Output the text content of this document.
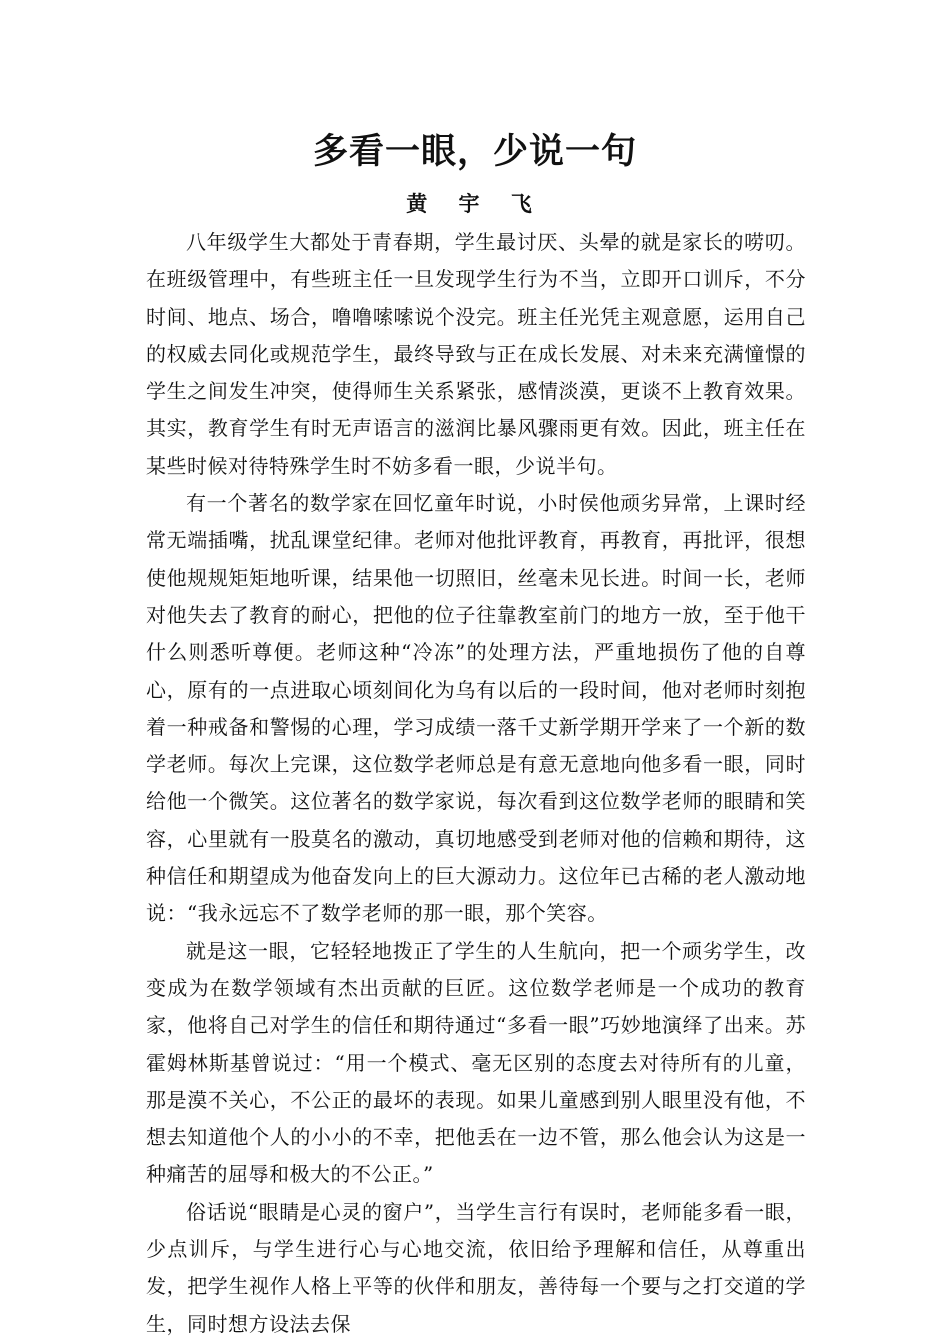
多看一眼，少说一句
黄 宇 飞

八年级学生大都处于青春期，学生最讨厌、头晕的就是家长的唠叨。在班级管理中，有些班主任一旦发现学生行为不当，立即开口训斥，不分时间、地点、场合，噜噜嗦嗦说个没完。班主任光凭主观意愿，运用自己的权威去同化或规范学生，最终导致与正在成长发展、对未来充满憧憬的学生之间发生冲突，使得师生关系紧张，感情淡漠，更谈不上教育效果。其实，教育学生有时无声语言的滋润比暴风骤雨更有效。因此，班主任在某些时候对待特殊学生时不妨多看一眼，少说半句。

有一个著名的数学家在回忆童年时说，小时侯他顽劣异常，上课时经常无端插嘴，扰乱课堂纪律。老师对他批评教育，再教育，再批评，很想使他规规矩矩地听课，结果他一切照旧，丝毫未见长进。时间一长，老师对他失去了教育的耐心，把他的位子往靠教室前门的地方一放，至于他干什么则悉听尊便。老师这种“冷冻”的处理方法，严重地损伤了他的自尊心，原有的一点进取心顷刻间化为乌有以后的一段时间，他对老师时刻抱着一种戒备和警惕的心理，学习成绩一落千丈新学期开学来了一个新的数学老师。每次上完课，这位数学老师总是有意无意地向他多看一眼，同时给他一个微笑。这位著名的数学家说，每次看到这位数学老师的眼睛和笑容，心里就有一股莫名的激动，真切地感受到老师对他的信赖和期待，这种信任和期望成为他奋发向上的巨大源动力。这位年已古稀的老人激动地说：“我永远忘不了数学老师的那一眼，那个笑容。

就是这一眼，它轻轻地拨正了学生的人生航向，把一个顽劣学生，改变成为在数学领域有杰出贡献的巨匠。这位数学老师是一个成功的教育家，他将自己对学生的信任和期待通过“多看一眼”巧妙地演绎了出来。苏霍姆林斯基曾说过：“用一个模式、毫无区别的态度去对待所有的儿童，那是漠不关心，不公正的最坏的表现。如果儿童感到别人眼里没有他，不想去知道他个人的小小的不幸，把他丢在一边不管，那么他会认为这是一种痛苦的屈辱和极大的不公正。”

俗话说“眼睛是心灵的窗户”，当学生言行有误时，老师能多看一眼，少点训斥，与学生进行心与心地交流，依旧给予理解和信任，从尊重出发，把学生视作人格上平等的伙伴和朋友，善待每一个要与之打交道的学生，同时想方设法去保
